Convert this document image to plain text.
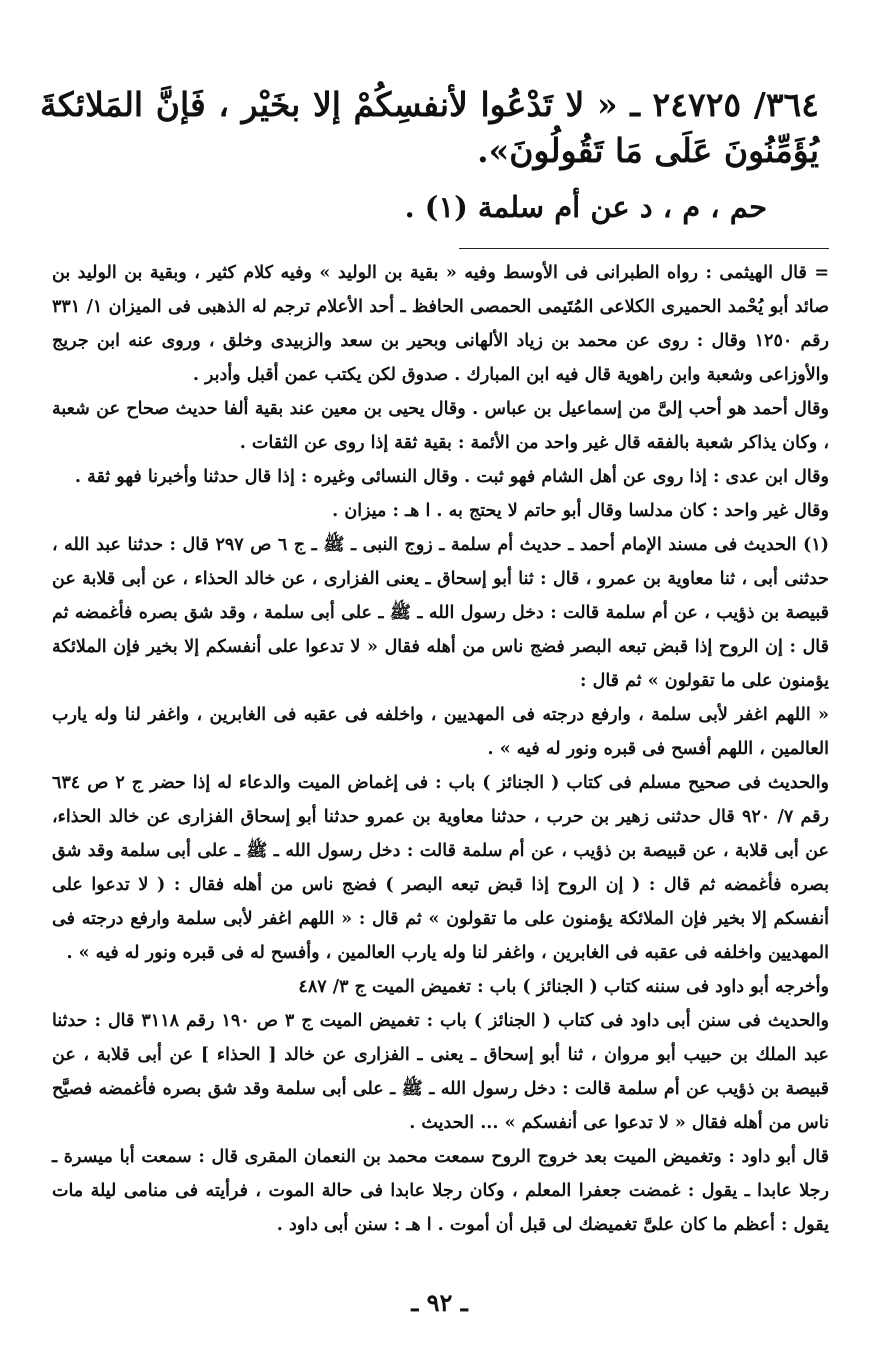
٣٦٤/ ٢٤٧٢٥ ـ « لا تَدْعُوا لأنفسِكُمْ إلا بخَيْر ، فَإنَّ المَلائكةَ يُؤَمِّنُونَ عَلَى مَا تَقُولُونَ».
حم ، م ، د عن أم سلمة (١) .

= قال الهيثمى : رواه الطبرانى فى الأوسط وفيه « بقية بن الوليد » وفيه كلام كثير ، وبقية بن الوليد بن صائد أبو يُحْمد الحميرى الكلاعى المُتَيمى الحمصى الحافظ ـ أحد الأعلام ترجم له الذهبى فى الميزان ١/ ٣٣١ رقم ١٢٥٠ وقال : روى عن محمد بن زياد الألهانى وبحير بن سعد والزبيدى وخلق ، وروى عنه ابن جريج والأوزاعى وشعبة وابن راهوية قال فيه ابن المبارك . صدوق لكن يكتب عمن أقبل وأدبر .

وقال أحمد هو أحب إلىَّ من إسماعيل بن عباس . وقال يحيى بن معين عند بقية ألفا حديث صحاح عن شعبة ، وكان يذاكر شعبة بالفقه قال غير واحد من الأئمة : بقية ثقة إذا روى عن الثقات .

وقال ابن عدى : إذا روى عن أهل الشام فهو ثبت . وقال النسائى وغيره : إذا قال حدثنا وأخبرنا فهو ثقة .

وقال غير واحد : كان مدلسا وقال أبو حاتم لا يحتج به . ا هـ : ميزان .

(١) الحديث فى مسند الإمام أحمد ـ حديث أم سلمة ـ زوج النبى ـ ﷺ ـ ج ٦ ص ٢٩٧ قال : حدثنا عبد الله ، حدثنى أبى ، ثنا معاوية بن عمرو ، قال : ثنا أبو إسحاق ـ يعنى الفزارى ، عن خالد الحذاء ، عن أبى قلابة عن قبيصة بن ذؤيب ، عن أم سلمة قالت : دخل رسول الله ـ ﷺ ـ على أبى سلمة ، وقد شق بصره فأغمضه ثم قال : إن الروح إذا قبض تبعه البصر فضج ناس من أهله فقال « لا تدعوا على أنفسكم إلا بخير فإن الملائكة يؤمنون على ما تقولون » ثم قال :

« اللهم اغفر لأبى سلمة ، وارفع درجته فى المهديين ، واخلفه فى عقبه فى الغابرين ، واغفر لنا وله يارب العالمين ، اللهم أفسح فى قبره ونور له فيه » .

والحديث فى صحيح مسلم فى كتاب ( الجنائز ) باب : فى إغماض الميت والدعاء له إذا حضر ج ٢ ص ٦٣٤ رقم ٧/ ٩٢٠ قال حدثنى زهير بن حرب ، حدثنا معاوية بن عمرو حدثنا أبو إسحاق الفزارى عن خالد الحذاء، عن أبى قلابة ، عن قبيصة بن ذؤيب ، عن أم سلمة قالت : دخل رسول الله ـ ﷺ ـ على أبى سلمة وقد شق بصره فأغمضه ثم قال : ( إن الروح إذا قبض تبعه البصر ) فضج ناس من أهله فقال : ( لا تدعوا على أنفسكم إلا بخير فإن الملائكة يؤمنون على ما تقولون » ثم قال : « اللهم اغفر لأبى سلمة وارفع درجته فى المهديين واخلفه فى عقبه فى الغابرين ، واغفر لنا وله يارب العالمين ، وأفسح له فى قبره ونور له فيه » .

وأخرجه أبو داود فى سننه كتاب ( الجنائز ) باب : تغميض الميت ج ٣/ ٤٨٧

والحديث فى سنن أبى داود فى كتاب ( الجنائز ) باب : تغميض الميت ج ٣ ص ١٩٠ رقم ٣١١٨ قال : حدثنا عبد الملك بن حبيب أبو مروان ، ثنا أبو إسحاق ـ يعنى ـ الفزارى عن خالد [ الحذاء ] عن أبى قلابة ، عن قبيصة بن ذؤيب عن أم سلمة قالت : دخل رسول الله ـ ﷺ ـ على أبى سلمة وقد شق بصره فأغمضه فصيَّح ناس من أهله فقال « لا تدعوا عى أنفسكم » ... الحديث .

قال أبو داود : وتغميض الميت بعد خروج الروح سمعت محمد بن النعمان المقرى قال : سمعت أبا ميسرة ـ رجلا عابدا ـ يقول : غمضت جعفرا المعلم ، وكان رجلا عابدا فى حالة الموت ، فرأيته فى منامى ليلة مات يقول : أعظم ما كان علىَّ تغميضك لى قبل أن أموت . ا هـ : سنن أبى داود .

ـ ٩٢ ـ
